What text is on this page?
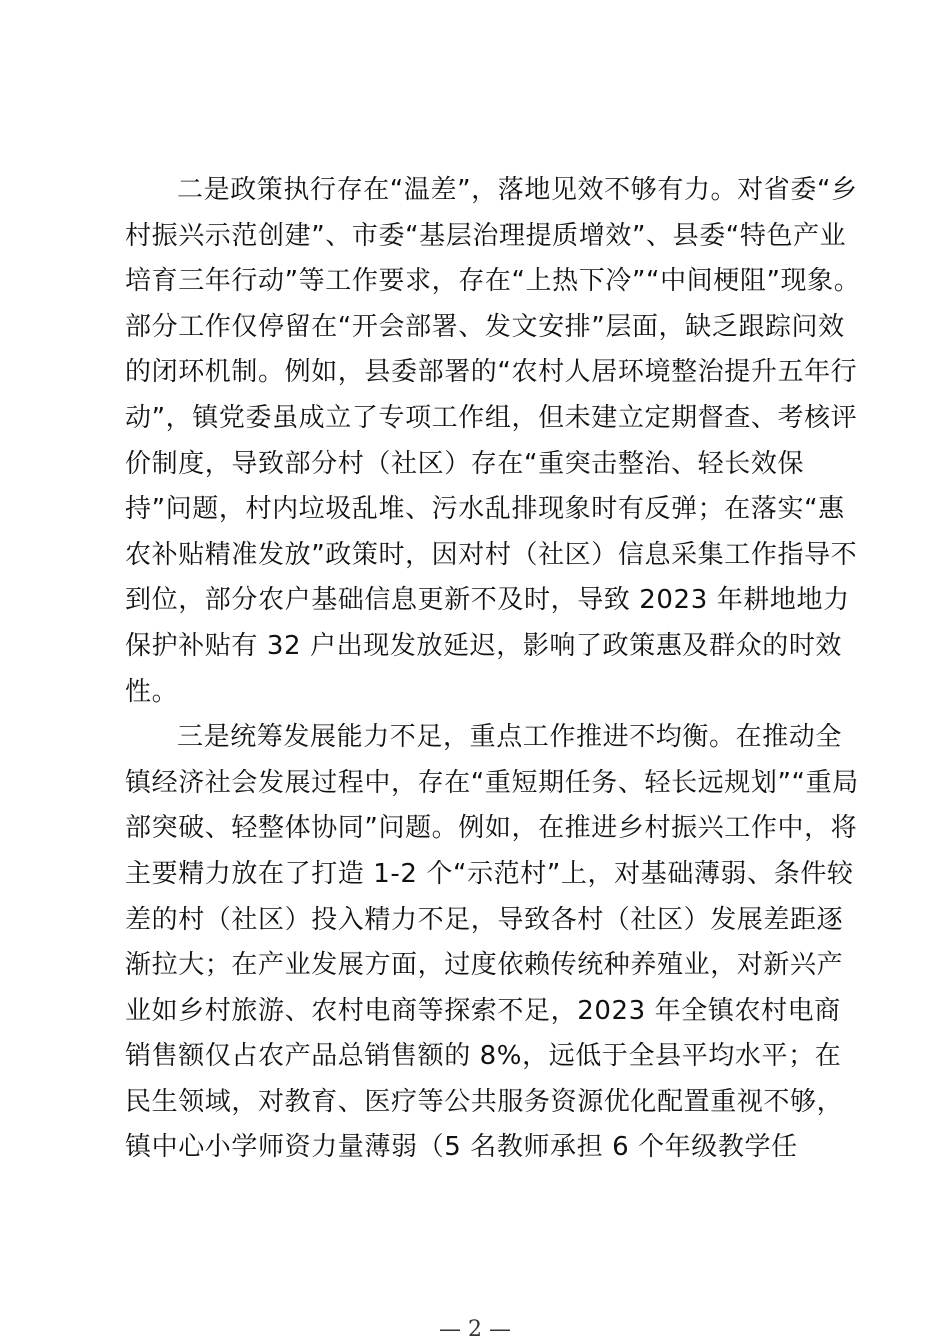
二是政策执行存在“温差”，落地见效不够有力。对省委“乡
村振兴示范创建”、市委“基层治理提质增效”、县委“特色产业
培育三年行动”等工作要求，存在“上热下冷”“中间梗阻”现象。
部分工作仅停留在“开会部署、发文安排”层面，缺乏跟踪问效
的闭环机制。例如，县委部署的“农村人居环境整治提升五年行
动”，镇党委虽成立了专项工作组，但未建立定期督查、考核评
价制度，导致部分村（社区）存在“重突击整治、轻长效保
持”问题，村内垃圾乱堆、污水乱排现象时有反弹；在落实“惠
农补贴精准发放”政策时，因对村（社区）信息采集工作指导不
到位，部分农户基础信息更新不及时，导致 2023 年耕地地力
保护补贴有 32 户出现发放延迟，影响了政策惠及群众的时效
性。
三是统筹发展能力不足，重点工作推进不均衡。在推动全
镇经济社会发展过程中，存在“重短期任务、轻长远规划”“重局
部突破、轻整体协同”问题。例如，在推进乡村振兴工作中，将
主要精力放在了打造 1-2 个“示范村”上，对基础薄弱、条件较
差的村（社区）投入精力不足，导致各村（社区）发展差距逐
渐拉大；在产业发展方面，过度依赖传统种养殖业，对新兴产
业如乡村旅游、农村电商等探索不足，2023 年全镇农村电商
销售额仅占农产品总销售额的 8%，远低于全县平均水平；在
民生领域，对教育、医疗等公共服务资源优化配置重视不够，
镇中心小学师资力量薄弱（5 名教师承担 6 个年级教学任
— 2 —
